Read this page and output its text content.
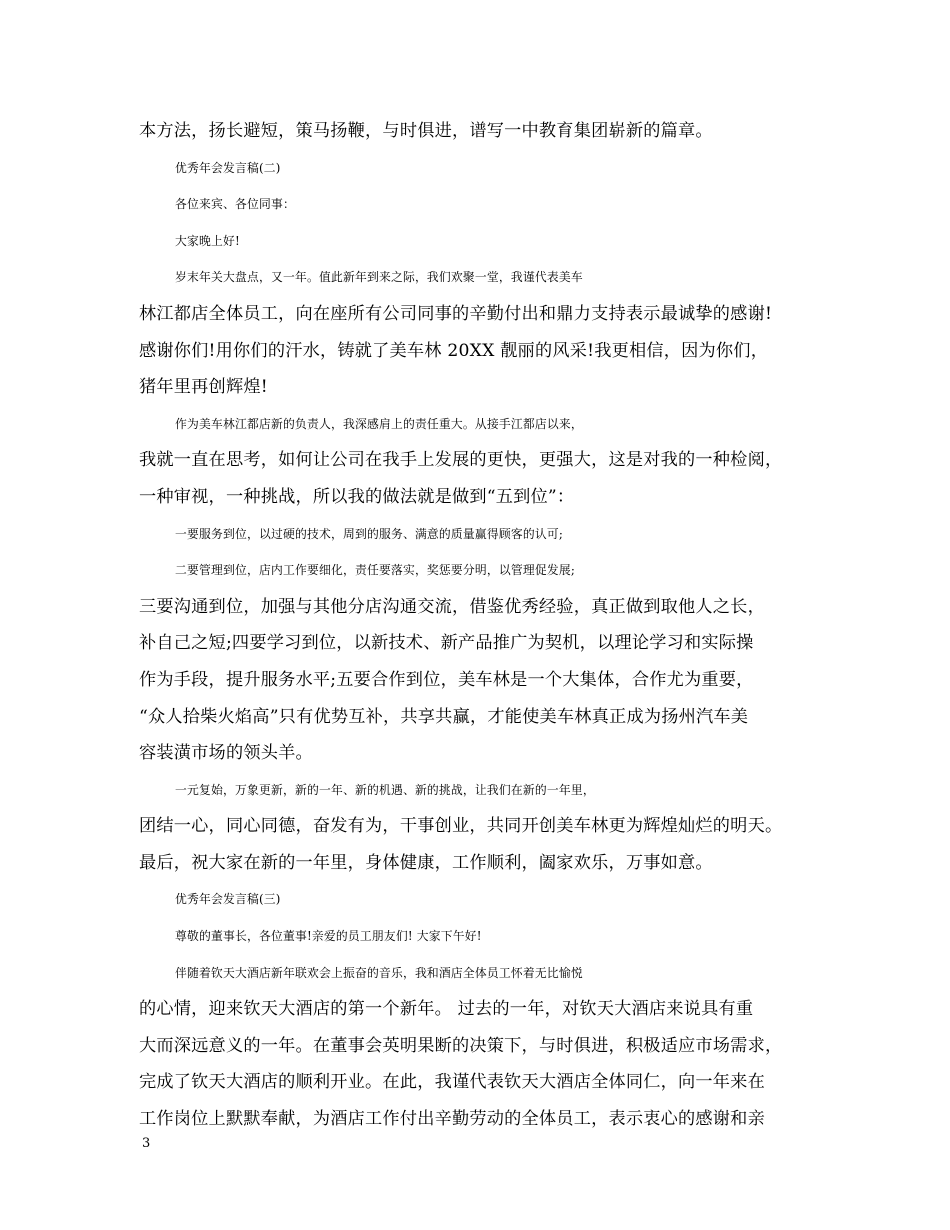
本方法，扬长避短，策马扬鞭，与时俱进，谱写一中教育集团崭新的篇章。
优秀年会发言稿(二)
各位来宾、各位同事：
大家晚上好!
岁末年关大盘点，又一年。值此新年到来之际，我们欢聚一堂，我谨代表美车
林江都店全体员工，向在座所有公司同事的辛勤付出和鼎力支持表示最诚挚的感谢!
感谢你们!用你们的汗水，铸就了美车林 20XX 靓丽的风采!我更相信，因为你们，
猪年里再创辉煌!
作为美车林江都店新的负责人，我深感肩上的责任重大。从接手江都店以来，
我就一直在思考，如何让公司在我手上发展的更快，更强大，这是对我的一种检阅，
一种审视，一种挑战，所以我的做法就是做到“五到位”：
一要服务到位，以过硬的技术，周到的服务、满意的质量赢得顾客的认可;
二要管理到位，店内工作要细化，责任要落实，奖惩要分明，以管理促发展;
三要沟通到位，加强与其他分店沟通交流，借鉴优秀经验，真正做到取他人之长，
补自己之短;四要学习到位，以新技术、新产品推广为契机，以理论学习和实际操
作为手段，提升服务水平;五要合作到位，美车林是一个大集体，合作尤为重要，
“众人拾柴火焰高”只有优势互补，共享共赢，才能使美车林真正成为扬州汽车美
容装潢市场的领头羊。
一元复始，万象更新，新的一年、新的机遇、新的挑战，让我们在新的一年里，
团结一心，同心同德，奋发有为，干事创业，共同开创美车林更为辉煌灿烂的明天。
最后，祝大家在新的一年里，身体健康，工作顺利，阖家欢乐，万事如意。
优秀年会发言稿(三)
尊敬的董事长，各位董事!亲爱的员工朋友们! 大家下午好!
伴随着钦天大酒店新年联欢会上振奋的音乐，我和酒店全体员工怀着无比愉悦
的心情，迎来钦天大酒店的第一个新年。 过去的一年，对钦天大酒店来说具有重
大而深远意义的一年。在董事会英明果断的决策下，与时俱进，积极适应市场需求，
完成了钦天大酒店的顺利开业。在此，我谨代表钦天大酒店全体同仁，向一年来在
工作岗位上默默奉献，为酒店工作付出辛勤劳动的全体员工，表示衷心的感谢和亲
3
